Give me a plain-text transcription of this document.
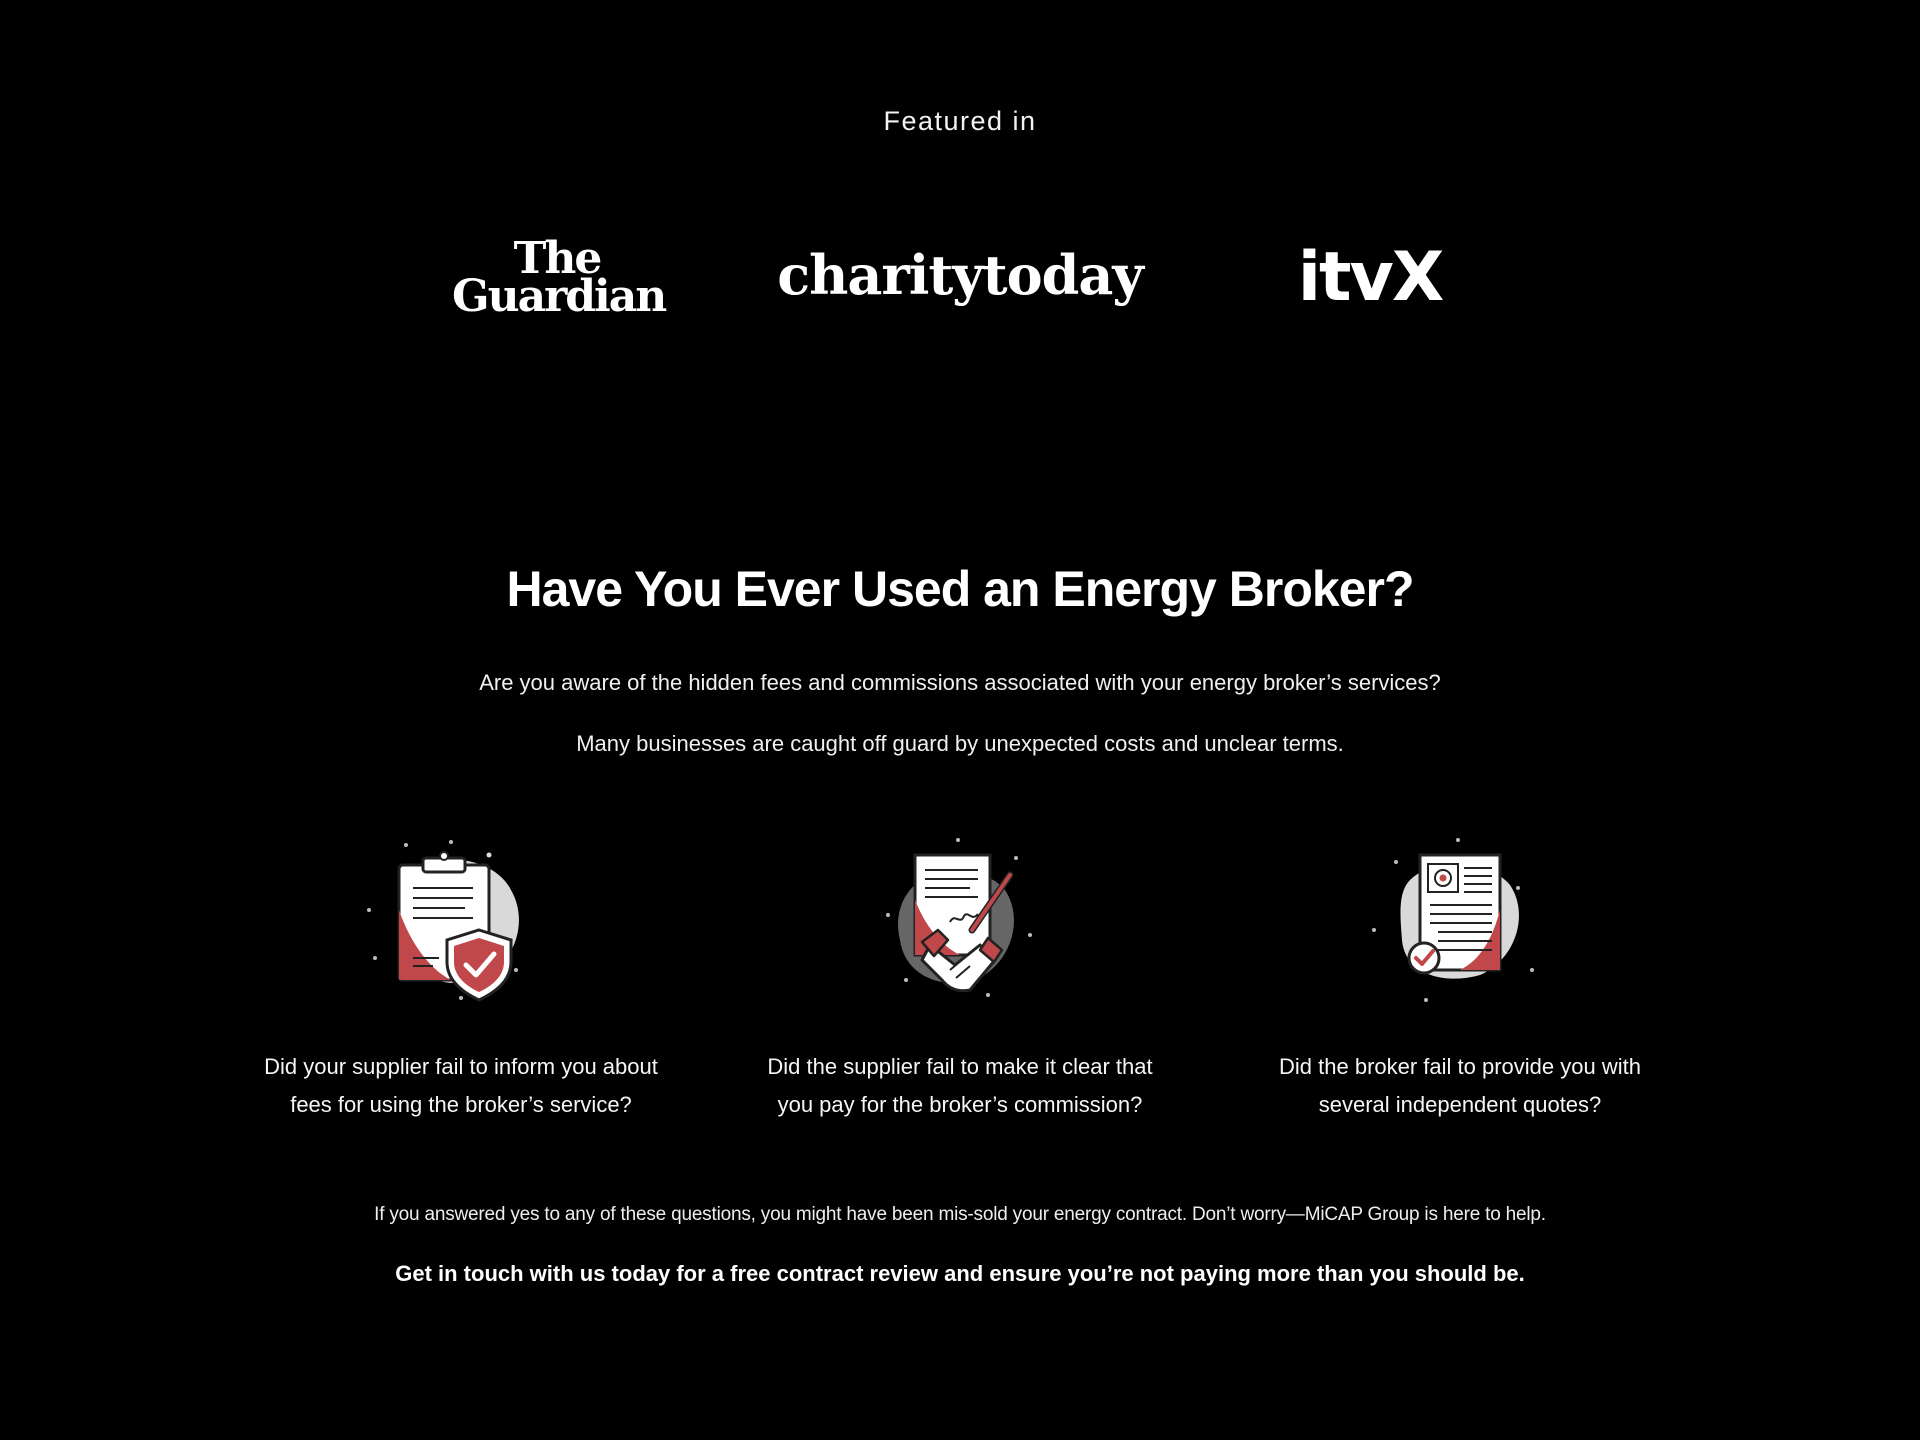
Featured in
The
Guardian	charitytoday	itvX
Have You Ever Used an Energy Broker?

Are you aware of the hidden fees and commissions associated with your energy broker’s services?

Many businesses are caught off guard by unexpected costs and unclear terms.

Did your supplier fail to inform you about fees for using the broker’s service?
Did the supplier fail to make it clear that you pay for the broker’s commission?
Did the broker fail to provide you with several independent quotes?

If you answered yes to any of these questions, you might have been mis-sold your energy contract. Don’t worry—MiCAP Group is here to help.

Get in touch with us today for a free contract review and ensure you’re not paying more than you should be.
